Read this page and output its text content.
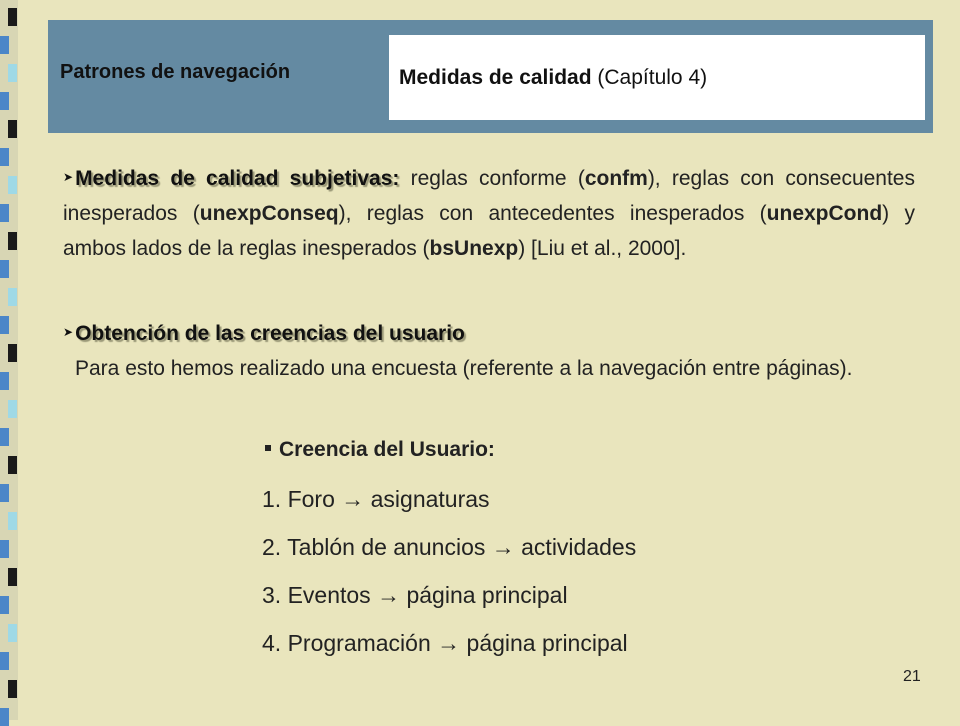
Patrones de navegación	Medidas de calidad (Capítulo 4)
➤Medidas de calidad subjetivas: reglas conforme (confm), reglas con consecuentes inesperados (unexpConseq), reglas con antecedentes inesperados (unexpCond) y ambos lados de la reglas inesperados (bsUnexp) [Liu et al., 2000].
➤Obtención de las creencias del usuario
Para esto hemos realizado una encuesta (referente a la navegación entre páginas).
Creencia del Usuario:
1. Foro → asignaturas
2. Tablón de anuncios → actividades
3. Eventos → página principal
4. Programación → página principal
21
